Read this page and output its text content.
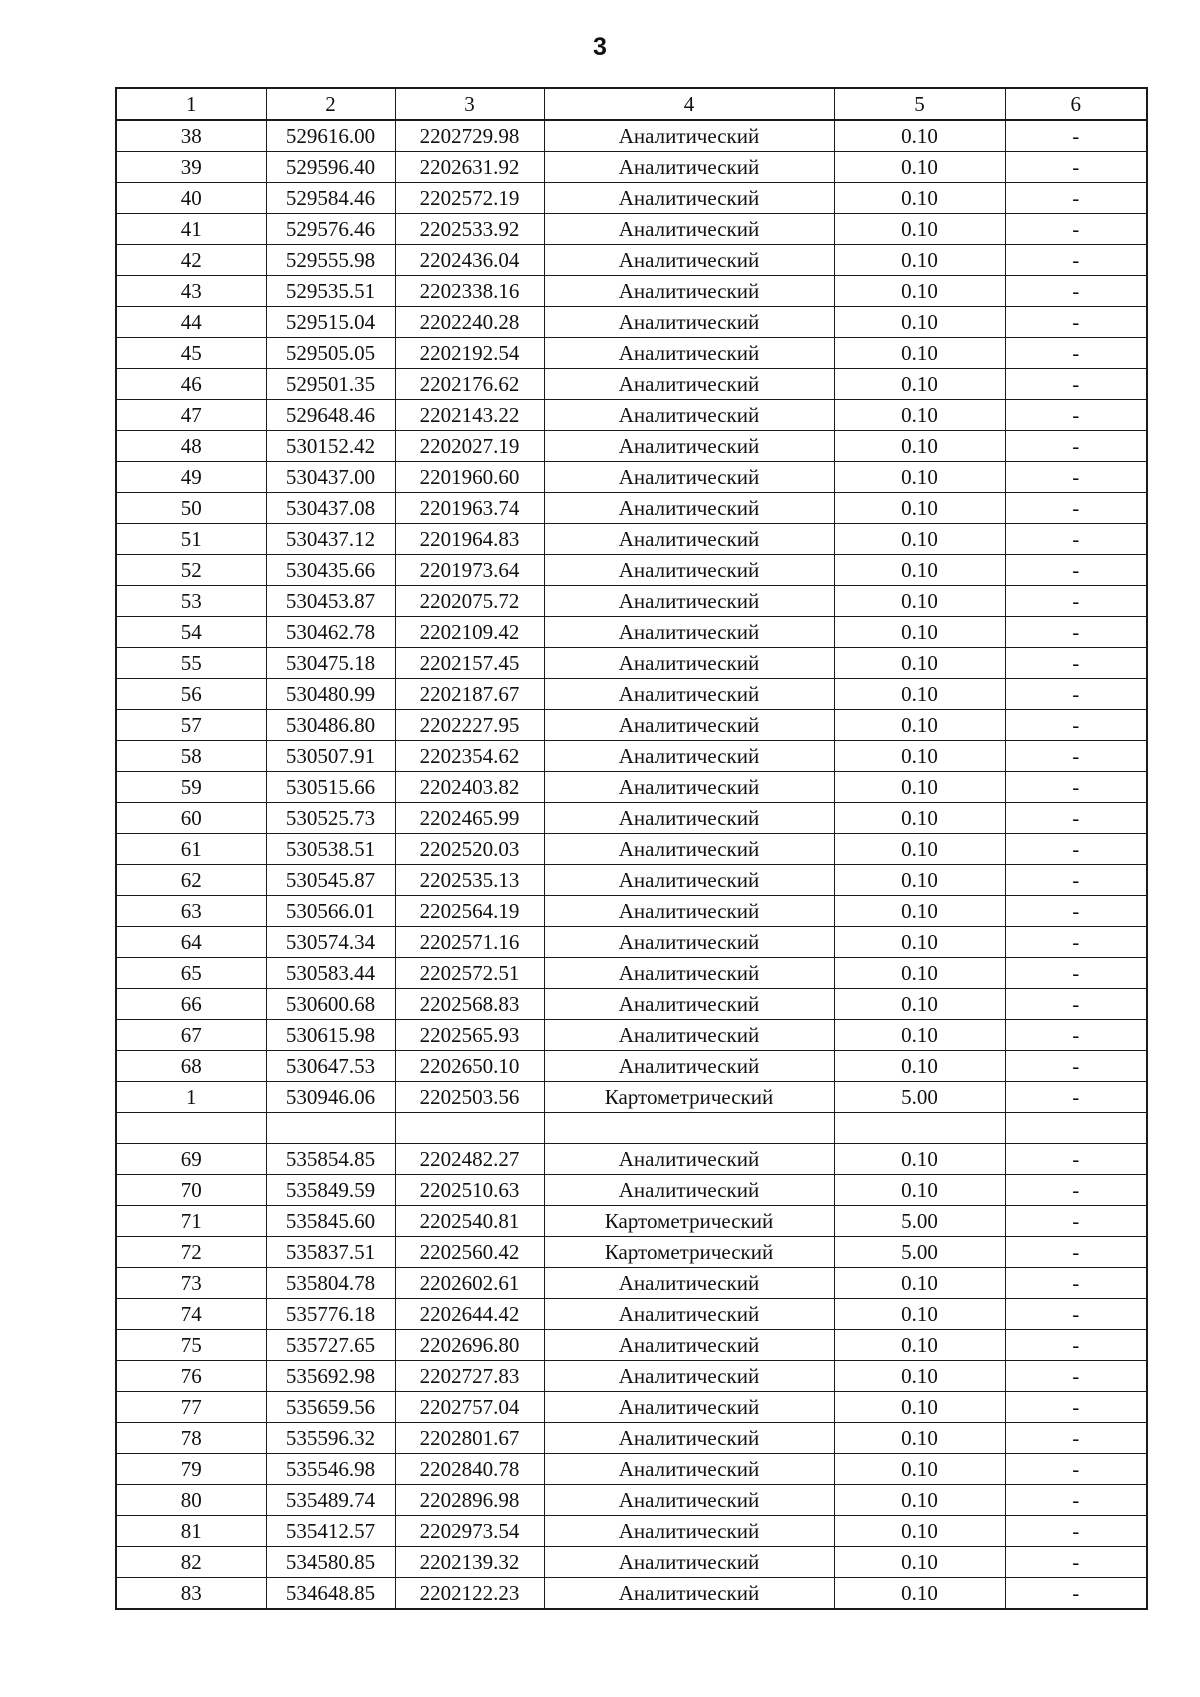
3
1	2	3	4	5	6
38	529616.00	2202729.98	Аналитический	0.10	-
39	529596.40	2202631.92	Аналитический	0.10	-
40	529584.46	2202572.19	Аналитический	0.10	-
41	529576.46	2202533.92	Аналитический	0.10	-
42	529555.98	2202436.04	Аналитический	0.10	-
43	529535.51	2202338.16	Аналитический	0.10	-
44	529515.04	2202240.28	Аналитический	0.10	-
45	529505.05	2202192.54	Аналитический	0.10	-
46	529501.35	2202176.62	Аналитический	0.10	-
47	529648.46	2202143.22	Аналитический	0.10	-
48	530152.42	2202027.19	Аналитический	0.10	-
49	530437.00	2201960.60	Аналитический	0.10	-
50	530437.08	2201963.74	Аналитический	0.10	-
51	530437.12	2201964.83	Аналитический	0.10	-
52	530435.66	2201973.64	Аналитический	0.10	-
53	530453.87	2202075.72	Аналитический	0.10	-
54	530462.78	2202109.42	Аналитический	0.10	-
55	530475.18	2202157.45	Аналитический	0.10	-
56	530480.99	2202187.67	Аналитический	0.10	-
57	530486.80	2202227.95	Аналитический	0.10	-
58	530507.91	2202354.62	Аналитический	0.10	-
59	530515.66	2202403.82	Аналитический	0.10	-
60	530525.73	2202465.99	Аналитический	0.10	-
61	530538.51	2202520.03	Аналитический	0.10	-
62	530545.87	2202535.13	Аналитический	0.10	-
63	530566.01	2202564.19	Аналитический	0.10	-
64	530574.34	2202571.16	Аналитический	0.10	-
65	530583.44	2202572.51	Аналитический	0.10	-
66	530600.68	2202568.83	Аналитический	0.10	-
67	530615.98	2202565.93	Аналитический	0.10	-
68	530647.53	2202650.10	Аналитический	0.10	-
1	530946.06	2202503.56	Картометрический	5.00	-

69	535854.85	2202482.27	Аналитический	0.10	-
70	535849.59	2202510.63	Аналитический	0.10	-
71	535845.60	2202540.81	Картометрический	5.00	-
72	535837.51	2202560.42	Картометрический	5.00	-
73	535804.78	2202602.61	Аналитический	0.10	-
74	535776.18	2202644.42	Аналитический	0.10	-
75	535727.65	2202696.80	Аналитический	0.10	-
76	535692.98	2202727.83	Аналитический	0.10	-
77	535659.56	2202757.04	Аналитический	0.10	-
78	535596.32	2202801.67	Аналитический	0.10	-
79	535546.98	2202840.78	Аналитический	0.10	-
80	535489.74	2202896.98	Аналитический	0.10	-
81	535412.57	2202973.54	Аналитический	0.10	-
82	534580.85	2202139.32	Аналитический	0.10	-
83	534648.85	2202122.23	Аналитический	0.10	-
